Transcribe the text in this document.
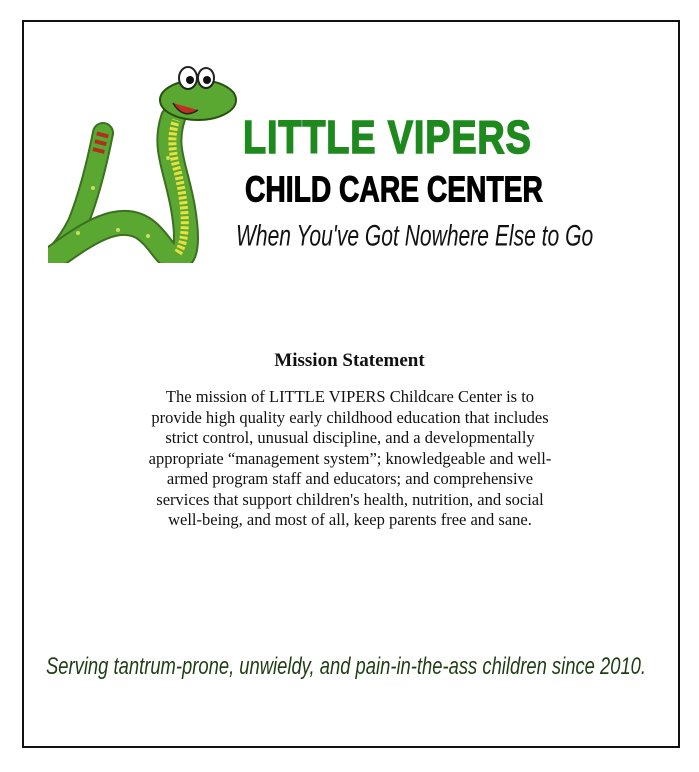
LITTLE VIPERS
CHILD CARE CENTER
When You've Got Nowhere Else to Go
Mission Statement
The mission of LITTLE VIPERS Childcare Center is to
provide high quality early childhood education that includes
strict control, unusual discipline, and a developmentally
appropriate “management system”; knowledgeable and well-
armed program staff and educators; and comprehensive
services that support children's health, nutrition, and social
well-being, and most of all, keep parents free and sane.
Serving tantrum-prone, unwieldy, and pain-in-the-ass children since 2010.
